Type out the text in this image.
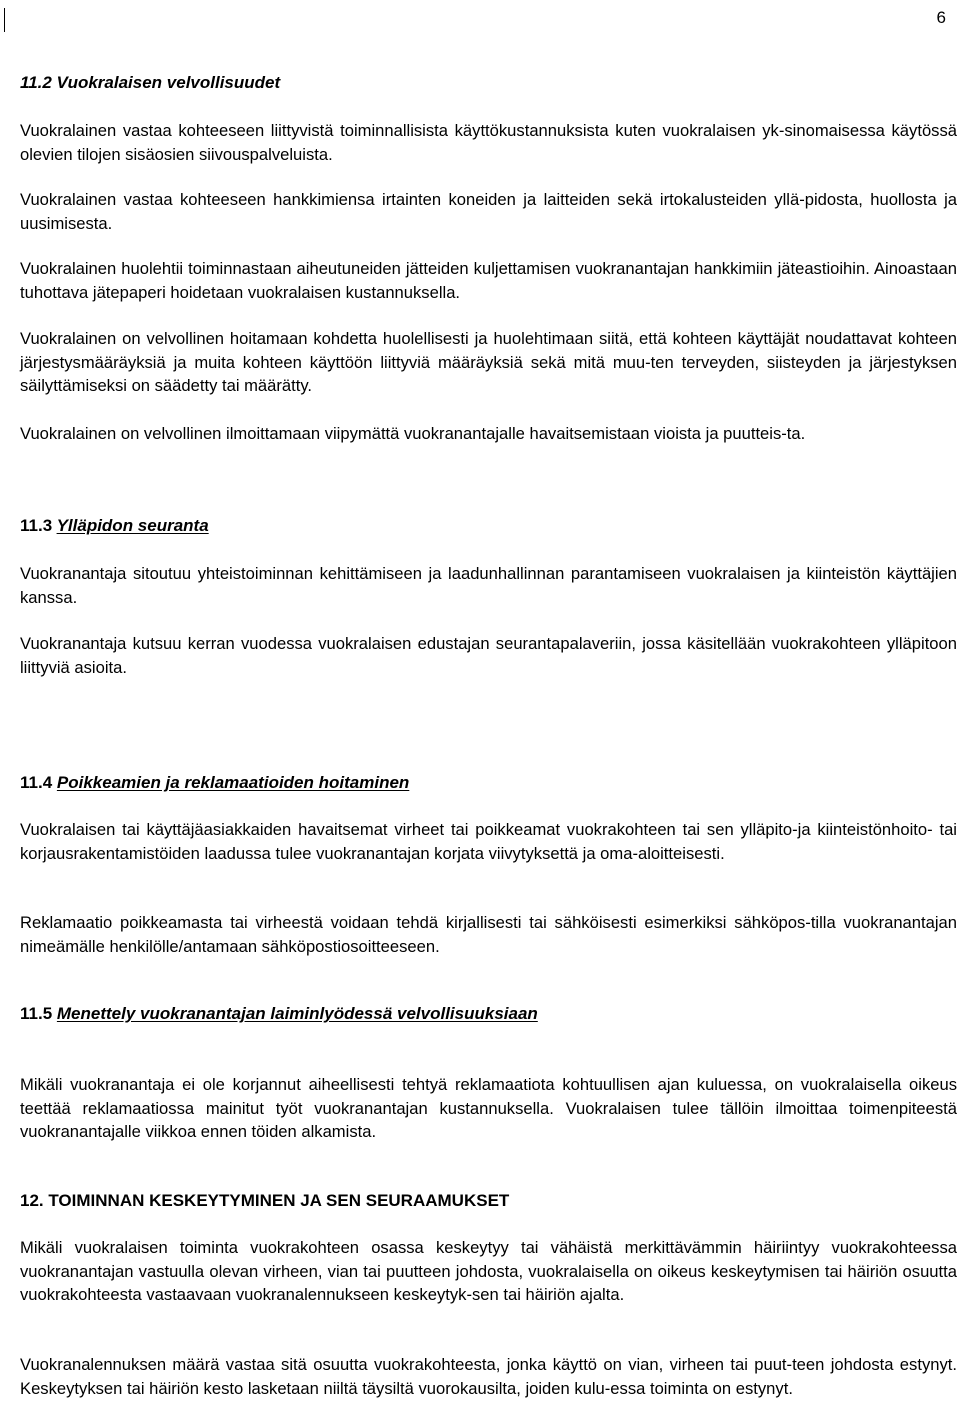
6
11.2 Vuokralaisen velvollisuudet

Vuokralainen vastaa kohteeseen liittyvistä toiminnallisista käyttökustannuksista kuten vuokralaisen yk-sinomaisessa käytössä olevien tilojen sisäosien siivouspalveluista.

Vuokralainen vastaa kohteeseen hankkimiensa irtainten koneiden ja laitteiden sekä irtokalusteiden yllä-pidosta, huollosta ja uusimisesta.

Vuokralainen huolehtii toiminnastaan aiheutuneiden jätteiden kuljettamisen vuokranantajan hankkimiin jäteastioihin. Ainoastaan tuhottava jätepaperi hoidetaan vuokralaisen kustannuksella.

Vuokralainen on velvollinen hoitamaan kohdetta huolellisesti ja huolehtimaan siitä, että kohteen käyttäjät noudattavat kohteen järjestysmääräyksiä ja muita kohteen käyttöön liittyviä määräyksiä sekä mitä muu-ten terveyden, siisteyden ja järjestyksen säilyttämiseksi on säädetty tai määrätty.

Vuokralainen on velvollinen ilmoittamaan viipymättä vuokranantajalle havaitsemistaan vioista ja puutteis-ta.

11.3 Ylläpidon seuranta

Vuokranantaja sitoutuu yhteistoiminnan kehittämiseen ja laadunhallinnan parantamiseen vuokralaisen ja kiinteistön käyttäjien kanssa.

Vuokranantaja kutsuu kerran vuodessa vuokralaisen edustajan seurantapalaveriin, jossa käsitellään vuokrakohteen ylläpitoon liittyviä asioita.

11.4 Poikkeamien ja reklamaatioiden hoitaminen

Vuokralaisen tai käyttäjäasiakkaiden havaitsemat virheet tai poikkeamat vuokrakohteen tai sen ylläpito-ja kiinteistönhoito- tai korjausrakentamistöiden laadussa tulee vuokranantajan korjata viivytyksettä ja oma-aloitteisesti.

Reklamaatio poikkeamasta tai virheestä voidaan tehdä kirjallisesti tai sähköisesti esimerkiksi sähköpos-tilla vuokranantajan nimeämälle henkilölle/antamaan sähköpostiosoitteeseen.

11.5 Menettely vuokranantajan laiminlyödessä velvollisuuksiaan

Mikäli vuokranantaja ei ole korjannut aiheellisesti tehtyä reklamaatiota kohtuullisen ajan kuluessa, on vuokralaisella oikeus teettää reklamaatiossa mainitut työt vuokranantajan kustannuksella. Vuokralaisen tulee tällöin ilmoittaa toimenpiteestä vuokranantajalle viikkoa ennen töiden alkamista.

12. TOIMINNAN KESKEYTYMINEN JA SEN SEURAAMUKSET

Mikäli vuokralaisen toiminta vuokrakohteen osassa keskeytyy tai vähäistä merkittävämmin häiriintyy vuokrakohteessa vuokranantajan vastuulla olevan virheen, vian tai puutteen johdosta, vuokralaisella on oikeus keskeytymisen tai häiriön osuutta vuokrakohteesta vastaavaan vuokranalennukseen keskeytyk-sen tai häiriön ajalta.

Vuokranalennuksen määrä vastaa sitä osuutta vuokrakohteesta, jonka käyttö on vian, virheen tai puut-teen johdosta estynyt. Keskeytyksen tai häiriön kesto lasketaan niiltä täysiltä vuorokausilta, joiden kulu-essa toiminta on estynyt.
